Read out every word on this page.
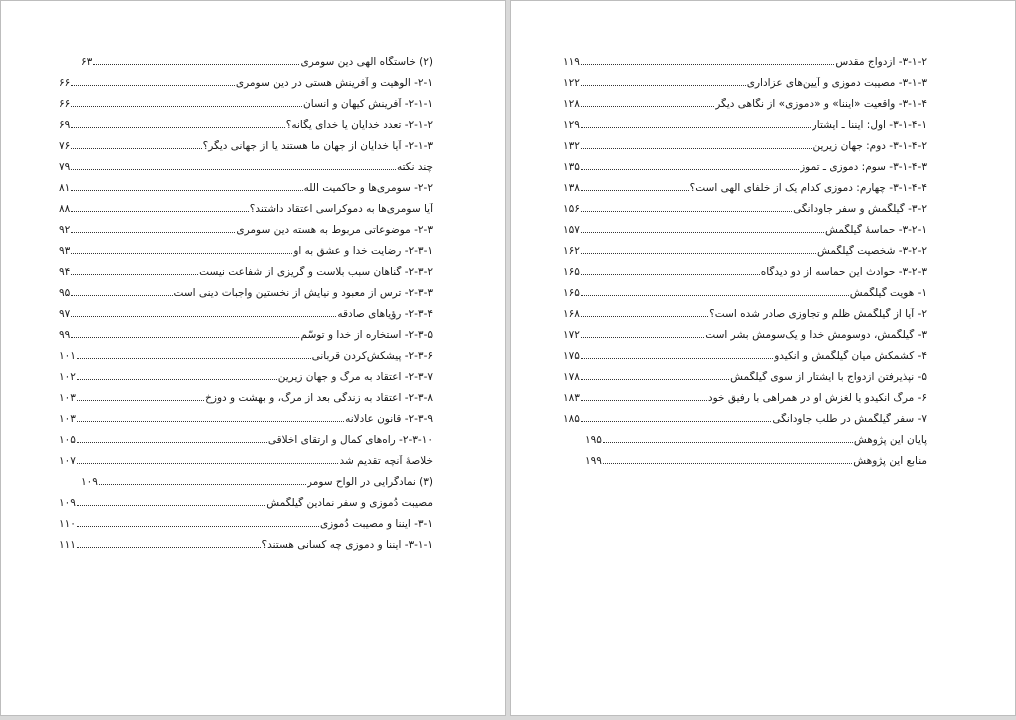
(۲) خاستگاه الهی دین سومری
۶۳
۲-۱- الوهیت و آفرینش هستی در دین سومری
۶۶
۲-۱-۱- آفرینش کیهان و انسان
۶۶
۲-۱-۲- تعدد خدایان یا خدای یگانه؟
۶۹
۲-۱-۳- آیا خدایان از جهان ما هستند یا از جهانی دیگر؟
۷۶
چند نکته
۷۹
۲-۲- سومری‌ها و حاکمیت الله
۸۱
آیا سومری‌ها به دموکراسی اعتقاد داشتند؟
۸۸
۲-۳- موضوعاتی مربوط به هسته دین سومری
۹۲
۲-۳-۱- رضایت خدا و عشق به او
۹۳
۲-۳-۲- گناهان سبب بلاست و گریزی از شفاعت نیست
۹۴
۲-۳-۳- ترس از معبود و نیایش از نخستین واجبات دینی است
۹۵
۲-۳-۴- رؤیاهای صادقه
۹۷
۲-۳-۵- استخاره از خدا و توسّم
۹۹
۲-۳-۶- پیشکش‌کردن قربانی
۱۰۱
۲-۳-۷- اعتقاد به مرگ و جهان زیرین
۱۰۲
۲-۳-۸- اعتقاد به زندگی بعد از مرگ، و بهشت و دوزخ
۱۰۳
۲-۳-۹- قانون عادلانه
۱۰۳
۲-۳-۱۰- راه‌های کمال و ارتقای اخلاقی
۱۰۵
خلاصهٔ آنچه تقدیم شد
۱۰۷
(۳) نمادگرایی در الواح سومر
۱۰۹
مصیبت دُموزی و سفر نمادین گیلگمش
۱۰۹
۳-۱- ایننا و مصیبت دُموزی
۱۱۰
۳-۱-۱- ایننا و دموزی چه کسانی هستند؟
۱۱۱
۳-۱-۲- ازدواج مقدس
۱۱۹
۳-۱-۳- مصیبت دموزی و آیین‌های عزاداری
۱۲۲
۳-۱-۴- واقعیت «ایننا» و «دموزی» از نگاهی دیگر
۱۲۸
۳-۱-۴-۱- اول: ایننا ـ ایشتار
۱۲۹
۳-۱-۴-۲- دوم: جهان زیرین
۱۳۲
۳-۱-۴-۳- سوم: دموزی ـ تموز
۱۳۵
۳-۱-۴-۴- چهارم: دموزی کدام یک از خلفای الهی است؟
۱۳۸
۳-۲- گیلگمش و سفر جاودانگی
۱۵۶
۳-۲-۱- حماسهٔ گیلگمش
۱۵۷
۳-۲-۲- شخصیت گیلگمش
۱۶۲
۳-۲-۳- حوادث این حماسه از دو دیدگاه
۱۶۵
۱- هویت گیلگمش
۱۶۵
۲- آیا از گیلگمش ظلم و تجاوزی صادر شده است؟
۱۶۸
۳- گیلگمش، دوسومش خدا و یک‌سومش بشر است
۱۷۲
۴- کشمکش میان گیلگمش و انکیدو
۱۷۵
۵- نپذیرفتن ازدواج با ایشتار از سوی گیلگمش
۱۷۸
۶- مرگ انکیدو یا لغزش او در همراهی با رفیق خود
۱۸۳
۷- سفر گیلگمش در طلب جاودانگی
۱۸۵
پایان این پژوهش
۱۹۵
منابع این پژوهش
۱۹۹
